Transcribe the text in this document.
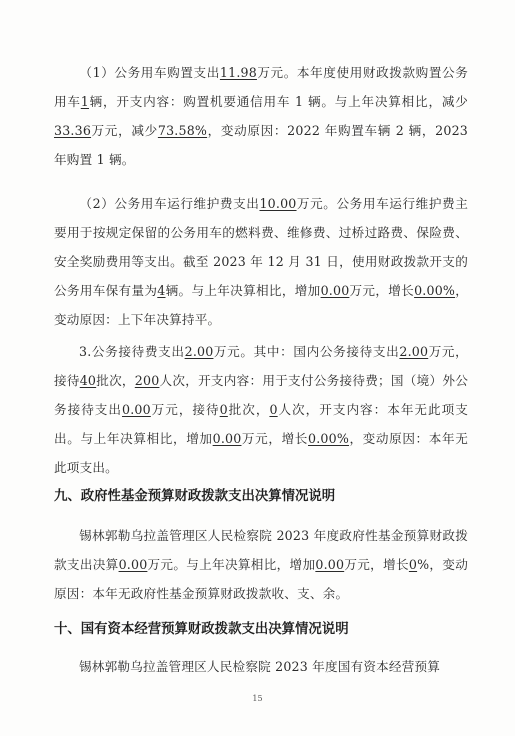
（1）公务用车购置支出11.98万元。本年度使用财政拨款购置公务用车1辆，开支内容：购置机要通信用车 1 辆。与上年决算相比，减少33.36万元，减少73.58%，变动原因：2022 年购置车辆 2 辆，2023 年购置 1 辆。

（2）公务用车运行维护费支出10.00万元。公务用车运行维护费主要用于按规定保留的公务用车的燃料费、维修费、过桥过路费、保险费、安全奖励费用等支出。截至 2023 年 12 月 31 日，使用财政拨款开支的公务用车保有量为4辆。与上年决算相比，增加0.00万元，增长0.00%，变动原因：上下年决算持平。

3.公务接待费支出2.00万元。其中：国内公务接待支出2.00万元，接待40批次，200人次，开支内容：用于支付公务接待费；国（境）外公务接待支出0.00万元，接待0批次，0人次，开支内容：本年无此项支出。与上年决算相比，增加0.00万元，增长0.00%，变动原因：本年无此项支出。

九、政府性基金预算财政拨款支出决算情况说明

锡林郭勒乌拉盖管理区人民检察院 2023 年度政府性基金预算财政拨款支出决算0.00万元。与上年决算相比，增加0.00万元，增长0%，变动原因：本年无政府性基金预算财政拨款收、支、余。

十、国有资本经营预算财政拨款支出决算情况说明

锡林郭勒乌拉盖管理区人民检察院 2023 年度国有资本经营预算

15
